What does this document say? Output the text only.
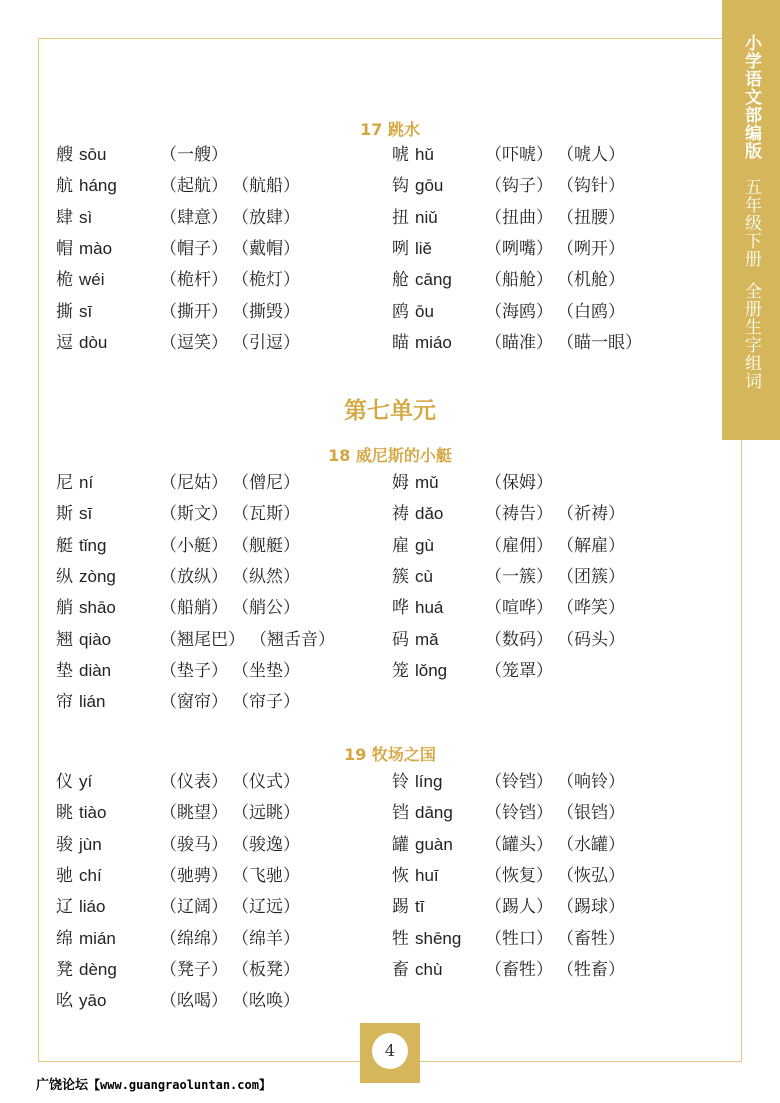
小学语文部编版
五年级下册
全册生字组词
17 跳水
第七单元
18 威尼斯的小艇
19 牧场之国
艘 sōu	（一艘）
航 háng	（起航） （航船）
肆 sì	（肆意） （放肆）
帽 mào	（帽子） （戴帽）
桅 wéi	（桅杆） （桅灯）
撕 sī	（撕开） （撕毁）
逗 dòu	（逗笑） （引逗）
唬 hǔ	（吓唬） （唬人）
钩 gōu （钩子） （钩针）
扭 niǔ	（扭曲） （扭腰）
咧 liě	（咧嘴） （咧开）
舱 cāng （船舱） （机舱）
鸥 ōu	（海鸥） （白鸥）
瞄 miáo （瞄准） （瞄一眼）
尼 ní	（尼姑） （僧尼）
斯 sī	（斯文） （瓦斯）
艇 tǐng	（小艇） （舰艇）
纵 zòng	（放纵） （纵然）
艄 shāo	（船艄） （艄公）
翘 qiào	（翘尾巴） （翘舌音）
垫 diàn	（垫子） （坐垫）
帘 lián	（窗帘） （帘子）
姆 mǔ	（保姆）
祷 dǎo （祷告） （祈祷）
雇 gù	（雇佣） （解雇）
簇 cù	（一簇） （团簇）
哗 huá （喧哗） （哗笑）
码 mǎ	（数码） （码头）
笼 lǒng （笼罩）
仪 yí	（仪表） （仪式）
眺 tiào	（眺望） （远眺）
骏 jùn	（骏马） （骏逸）
驰 chí	（驰骋） （飞驰）
辽 liáo	（辽阔） （辽远）
绵 mián	（绵绵） （绵羊）
凳 dèng	（凳子） （板凳）
吆 yāo	（吆喝） （吆唤）
铃 líng	（铃铛） （响铃）
铛 dāng （铃铛） （银铛）
罐 guàn （罐头） （水罐）
恢 huī	（恢复） （恢弘）
踢 tī	（踢人） （踢球）
牲 shēng （牲口） （畜牲）
畜 chù	（畜牲） （牲畜）
4
广饶论坛【www.guangraoluntan.com】
